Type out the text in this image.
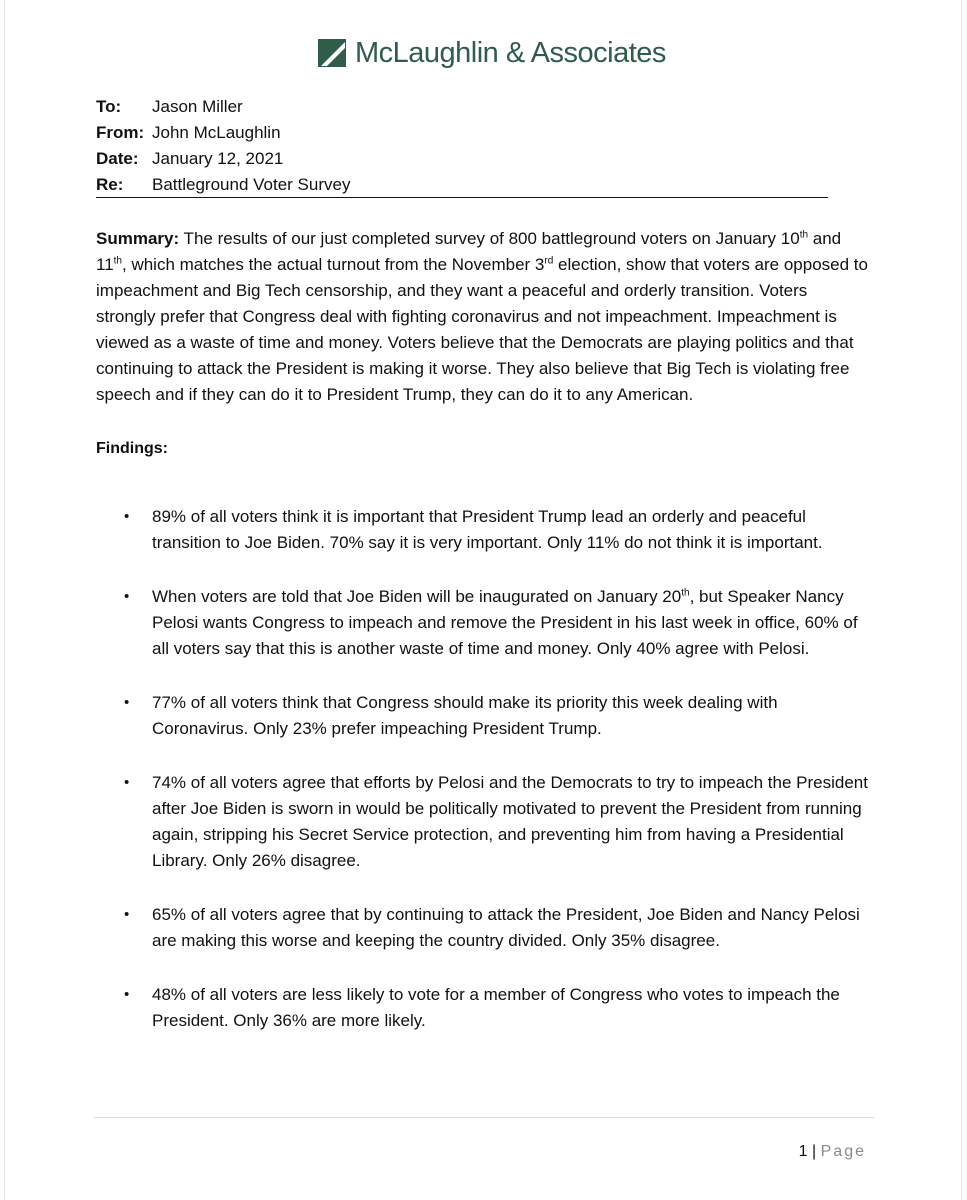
McLaughlin & Associates
To:	Jason Miller
From: John McLaughlin
Date: January 12, 2021
Re:	Battleground Voter Survey

Summary: The results of our just completed survey of 800 battleground voters on January 10th and 11th, which matches the actual turnout from the November 3rd election, show that voters are opposed to impeachment and Big Tech censorship, and they want a peaceful and orderly transition. Voters strongly prefer that Congress deal with fighting coronavirus and not impeachment. Impeachment is viewed as a waste of time and money. Voters believe that the Democrats are playing politics and that continuing to attack the President is making it worse. They also believe that Big Tech is violating free speech and if they can do it to President Trump, they can do it to any American.

Findings:
• 89% of all voters think it is important that President Trump lead an orderly and peaceful transition to Joe Biden. 70% say it is very important. Only 11% do not think it is important.
• When voters are told that Joe Biden will be inaugurated on January 20th, but Speaker Nancy Pelosi wants Congress to impeach and remove the President in his last week in office, 60% of all voters say that this is another waste of time and money. Only 40% agree with Pelosi.
• 77% of all voters think that Congress should make its priority this week dealing with Coronavirus. Only 23% prefer impeaching President Trump.
• 74% of all voters agree that efforts by Pelosi and the Democrats to try to impeach the President after Joe Biden is sworn in would be politically motivated to prevent the President from running again, stripping his Secret Service protection, and preventing him from having a Presidential Library. Only 26% disagree.
• 65% of all voters agree that by continuing to attack the President, Joe Biden and Nancy Pelosi are making this worse and keeping the country divided. Only 35% disagree.
• 48% of all voters are less likely to vote for a member of Congress who votes to impeach the President. Only 36% are more likely.
1 | Page
